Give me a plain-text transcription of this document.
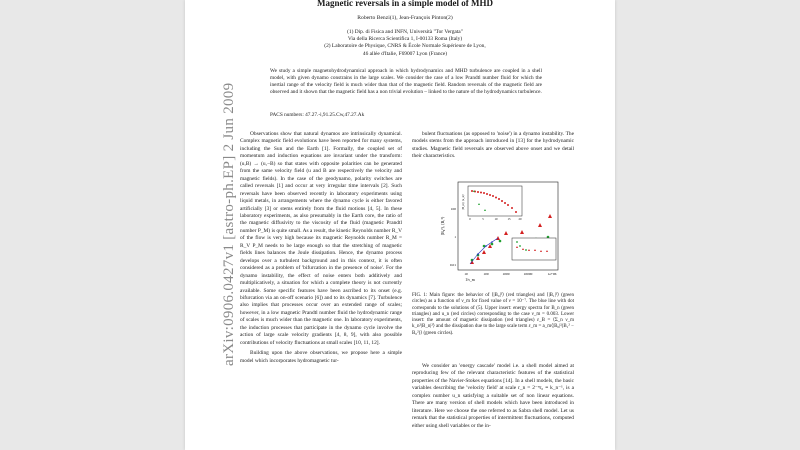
arXiv:0906.0427v1 [astro-ph.EP] 2 Jun 2009
Magnetic reversals in a simple model of MHD
Roberto Benzi(1), Jean-François Pinton(2)
(1) Dip. di Fisica and INFN, Università "Tor Vergata"
Via della Ricerca Scientifica 1, I-00133 Roma (Italy)
(2) Laboratoire de Physique, CNRS & École Normale Supérieure de Lyon,
46 allée d'Italie, F69007 Lyon (France)
We study a simple magnetohydrodynamical approach in which hydrodynamics and MHD turbulence are coupled in a shell model, with given dynamo constrains in the large scales. We consider the case of a low Prandtl number fluid for which the inertial range of the velocity field is much wider than that of the magnetic field. Random reversals of the magnetic field are observed and it shown that the magnetic field has a non trivial evolution – linked to the nature of the hydrodynamics turbulence.
PACS numbers: 47.27.-i,91.25.Cw,47.27.Ak

Observations show that natural dynamos are intrinsically dynamical. Complex magnetic field evolutions have been reported for many systems, including the Sun and the Earth [1]. Formally, the coupled set of momentum and induction equations are invariant under the transform: (u,B) → (u,−B) so that states with opposite polarities can be generated from the same velocity field (u and B are respectively the velocity and magnetic fields). In the case of the geodynamo, polarity switches are called reversals [1] and occur at very irregular time intervals [2]. Such reversals have been observed recently in laboratory experiments using liquid metals, in arrangements where the dynamo cycle is either favored artificially [3] or stems entirely from the fluid motions [4, 5]. In these laboratory experiments, as also presumably in the Earth core, the ratio of the magnetic diffusivity to the viscosity of the fluid (magnetic Prandtl number P_M) is quite small. As a result, the kinetic Reynolds number R_V of the flow is very high because its magnetic Reynolds number R_M = R_V P_M needs to be large enough so that the stretching of magnetic fields lines balances the Joule dissipation. Hence, the dynamo process develops over a turbulent background and in this context, it is often considered as a problem of 'bifurcation in the presence of noise'. For the dynamo instability, the effect of noise enters both additively and multiplicatively, a situation for which a complete theory is not currently available. Some specific features have been ascribed to its onset (e.g. bifurcation via an on-off scenario [6]) and to its dynamics [7]. Turbulence also implies that processes occur over an extended range of scales; however, in a low magnetic Prandtl number fluid the hydrodynamic range of scales is much wider than the magnetic one. In laboratory experiments, the induction processes that participate in the dynamo cycle involve the action of large scale velocity gradients [4, 8, 9], with also possible contributions of velocity fluctuations at small scales [10, 11, 12].

Building upon the above observations, we propose here a simple model which incorporates hydromagnetic tur-

bulent fluctuations (as opposed to 'noise') in a dynamo instability. The models stems from the approach introduced in [13] for the hydrodynamic studies. Magnetic field reversals are observed above onset and we detail their characteristics.

⟨B₀²⟩, ⟨B₁²⟩
0.01
1
100
10	100	1000	10000	1e+06
1/ν_m
|B_n|², |u_n|²
0	5	10	15	20
FIG. 1: Main figure: the behavior of ⟨|B₀|²⟩ (red triangles) and ⟨|B₁|²⟩ (green circles) as a function of ν_m for fixed value of ν = 10⁻⁷. The blue line with dot corresponds to the solutions of (5). Upper insert: energy spectra for B_n (green triangles) and u_n (red circles) corresponding to the case ν_m = 0.003. Lower insert: the amount of magnetic dissipation (red triangles) ε_B = ⟨Σ_n ν_m k_n²|B_n|²⟩ and the dissipation due to the large scale term ε_m = a_m⟨|B₀|²(B₁² − B₀²)⟩ (green circles).

We consider an 'energy cascade' model i.e. a shell model aimed at reproducing few of the relevant characteristic features of the statistical properties of the Navier-Stokes equations [14]. In a shell models, the basic variables describing the 'velocity field' at scale r_n = 2⁻ⁿr₀ ≡ k_n⁻¹, is a complex number u_n satisfying a suitable set of non linear equations. There are many version of shell models which have been introduced in literature. Here we choose the one referred to as Sabra shell model. Let us remark that the statistical properties of intermittent fluctuations, computed either using shell variables or the in-
